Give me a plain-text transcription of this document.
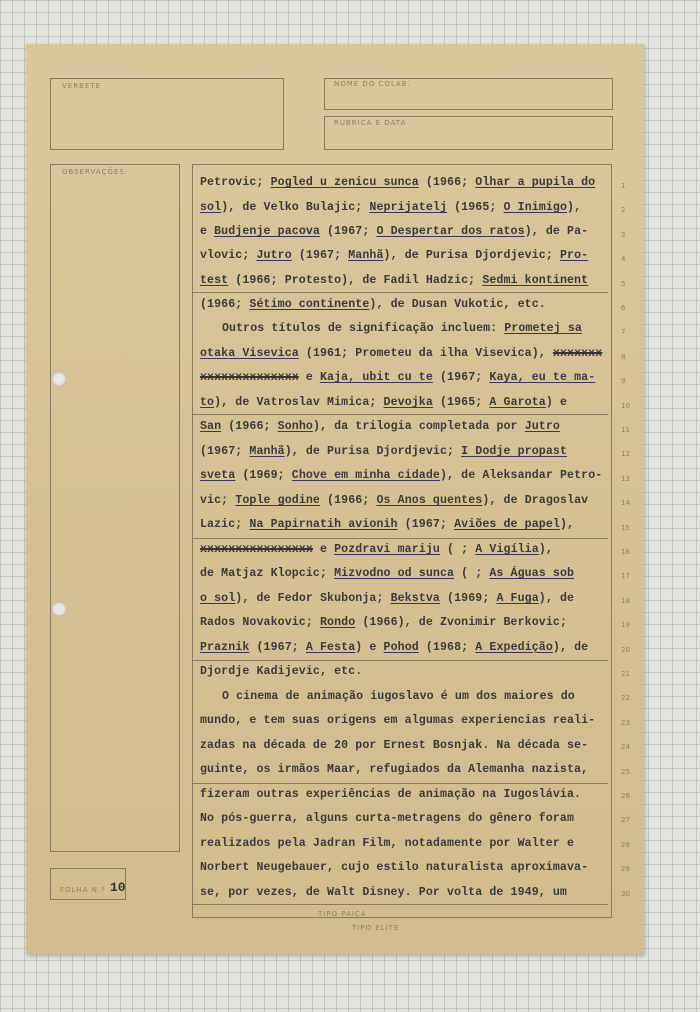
VERBETE	NOME DO COLAB.
RUBRICA E DATA
OBSERVAÇÕES:
FOLHA N.º 10
1
2
3
4
5
6
7
8
9
10
11
12
13
14
15
16
17
18
19
20
21
22
23
24
25
26
27
28
29
30
Petrovic; Pogled u zenicu sunca (1966; Olhar a pupila do
sol), de Velko Bulajic; Neprijatelj (1965; O Inimigo),
e Budjenje pacova (1967; O Despertar dos ratos), de Pa-
vlovic; Jutro (1967; Manhã), de Purisa Djordjevic; Pro-
test (1966; Protesto), de Fadil Hadzic; Sedmi kontinent
(1966; Sétimo continente), de Dusan Vukotic, etc.
Outros títulos de significação incluem: Prometej sa
otaka Visevica (1961; Prometeu da ilha Visevica), xxxxxxx
xxxxxxxxxxxxxx e Kaja, ubit cu te (1967; Kaya, eu te ma-
to), de Vatroslav Mimica; Devojka (1965; A Garota) e
San (1966; Sonho), da trilogia completada por Jutro
(1967; Manhã), de Purisa Djordjevic; I Dodje propast
sveta (1969; Chove em minha cidade), de Aleksandar Petro-
vic; Tople godine (1966; Os Anos quentes), de Dragoslav
Lazic; Na Papirnatih avionih (1967; Aviões de papel),
xxxxxxxxxxxxxxxx e Pozdravi mariju ( ; A Vigília),
de Matjaz Klopcic; Mizvodno od sunca ( ; As Águas sob
o sol), de Fedor Skubonja; Bekstva (1969; A Fuga), de
Rados Novakovic; Rondo (1966), de Zvonimir Berkovic;
Praznik (1967; A Festa) e Pohod (1968; A Expedição), de
Djordje Kadijevic, etc.
O cinema de animação iugoslavo é um dos maiores do
mundo, e tem suas origens em algumas experiencias reali-
zadas na década de 20 por Ernest Bosnjak. Na década se-
guinte, os irmãos Maar, refugiados da Alemanha nazista,
fizeram outras experiências de animação na Iugoslávia.
No pós-guerra, alguns curta-metragens do gênero foram
realizados pela Jadran Film, notadamente por Walter e
Norbert Neugebauer, cujo estilo naturalista aproximava-
se, por vezes, de Walt Disney. Por volta de 1949, um
TIPO PAICA
TIPO ELITE
